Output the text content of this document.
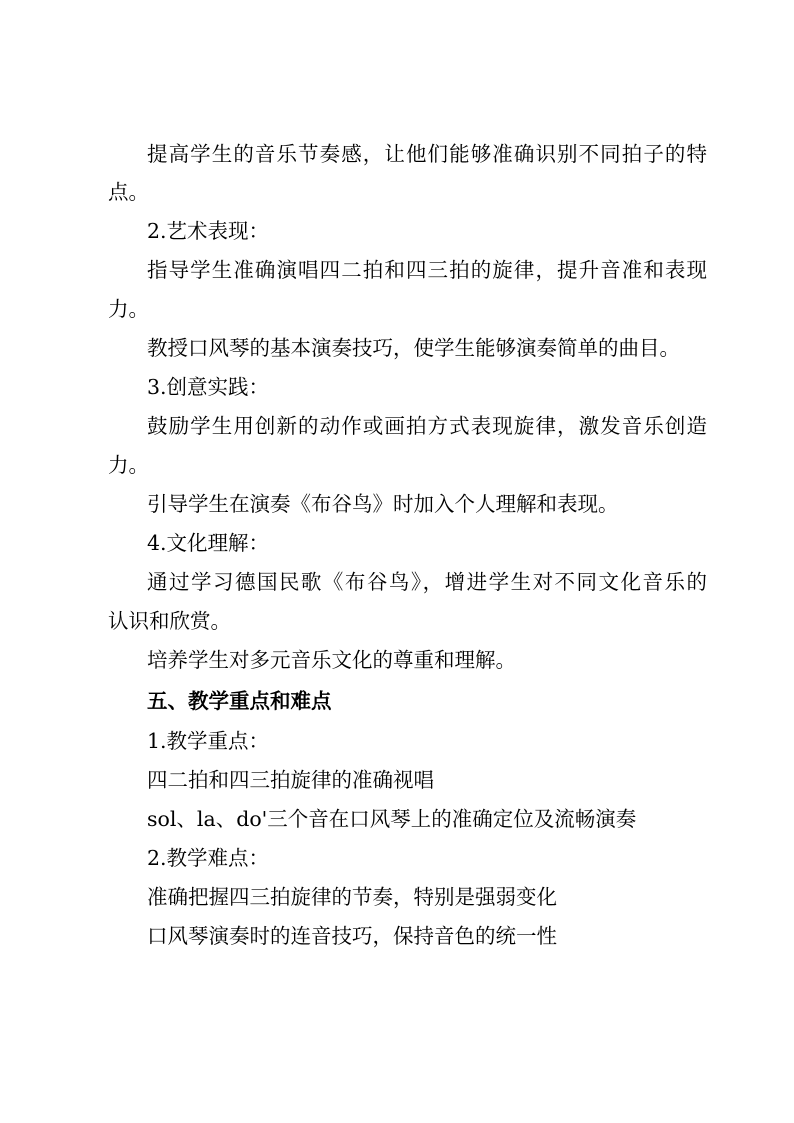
提高学生的音乐节奏感，让他们能够准确识别不同拍子的特
点。
2.艺术表现：
指导学生准确演唱四二拍和四三拍的旋律，提升音准和表现
力。
教授口风琴的基本演奏技巧，使学生能够演奏简单的曲目。
3.创意实践：
鼓励学生用创新的动作或画拍方式表现旋律，激发音乐创造
力。
引导学生在演奏《布谷鸟》时加入个人理解和表现。
4.文化理解：
通过学习德国民歌《布谷鸟》，增进学生对不同文化音乐的
认识和欣赏。
培养学生对多元音乐文化的尊重和理解。
五、教学重点和难点
1.教学重点：
四二拍和四三拍旋律的准确视唱
sol、la、do'三个音在口风琴上的准确定位及流畅演奏
2.教学难点：
准确把握四三拍旋律的节奏，特别是强弱变化
口风琴演奏时的连音技巧，保持音色的统一性
